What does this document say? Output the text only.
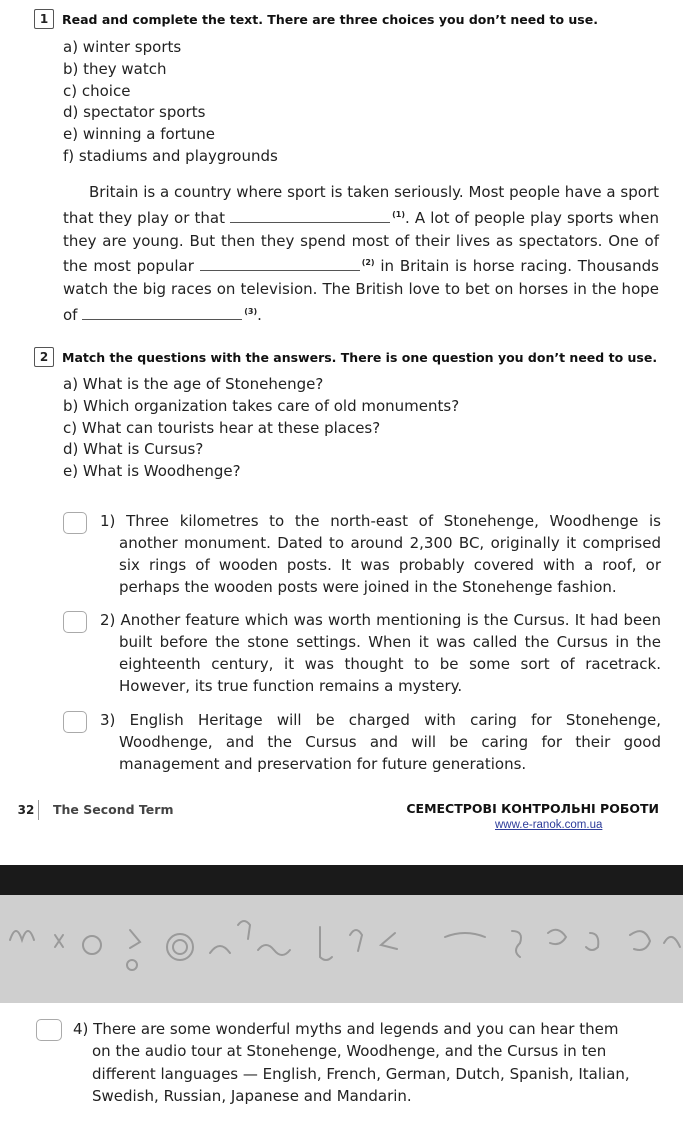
1	Read and complete the text. There are three choices you don’t need to use.
a) winter sports
b) they watch
c) choice
d) spectator sports
e) winning a fortune
f) stadiums and playgrounds
Britain is a country where sport is taken seriously. Most people have a sport that they play or that	$^{(1)}$. A lot of people play sports when they are young. But then they spend most of their lives as spectators. One of the most popular	$^{(2)}$ in Britain is horse racing. Thousands watch the big races on television. The British love to bet on horses in the hope of	$^{(3)}$.
2	Match the questions with the answers. There is one question you don’t need to use.
a) What is the age of Stonehenge?
b) Which organization takes care of old monuments?
c) What can tourists hear at these places?
d) What is Cursus?
e) What is Woodhenge?
1) Three kilometres to the north-east of Stonehenge, Woodhenge is another monument. Dated to around 2,300 BC, originally it comprised six rings of wooden posts. It was probably covered with a roof, or perhaps the wooden posts were joined in the Stonehenge fashion.
2) Another feature which was worth mentioning is the Cursus. It had been built before the stone settings. When it was called the Cursus in the eighteenth century, it was thought to be some sort of racetrack. However, its true function remains a mystery.
3) English Heritage will be charged with caring for Stonehenge, Woodhenge, and the Cursus and will be caring for their good management and preservation for future generations.
32	The Second Term	СЕМЕСТРОВІ КОНТРОЛЬНІ РОБОТИ
www.e-ranok.com.ua
4) There are some wonderful myths and legends and you can hear them on the audio tour at Stonehenge, Woodhenge, and the Cursus in ten different languages — English, French, German, Dutch, Spanish, Italian, Swedish, Russian, Japanese and Mandarin.
